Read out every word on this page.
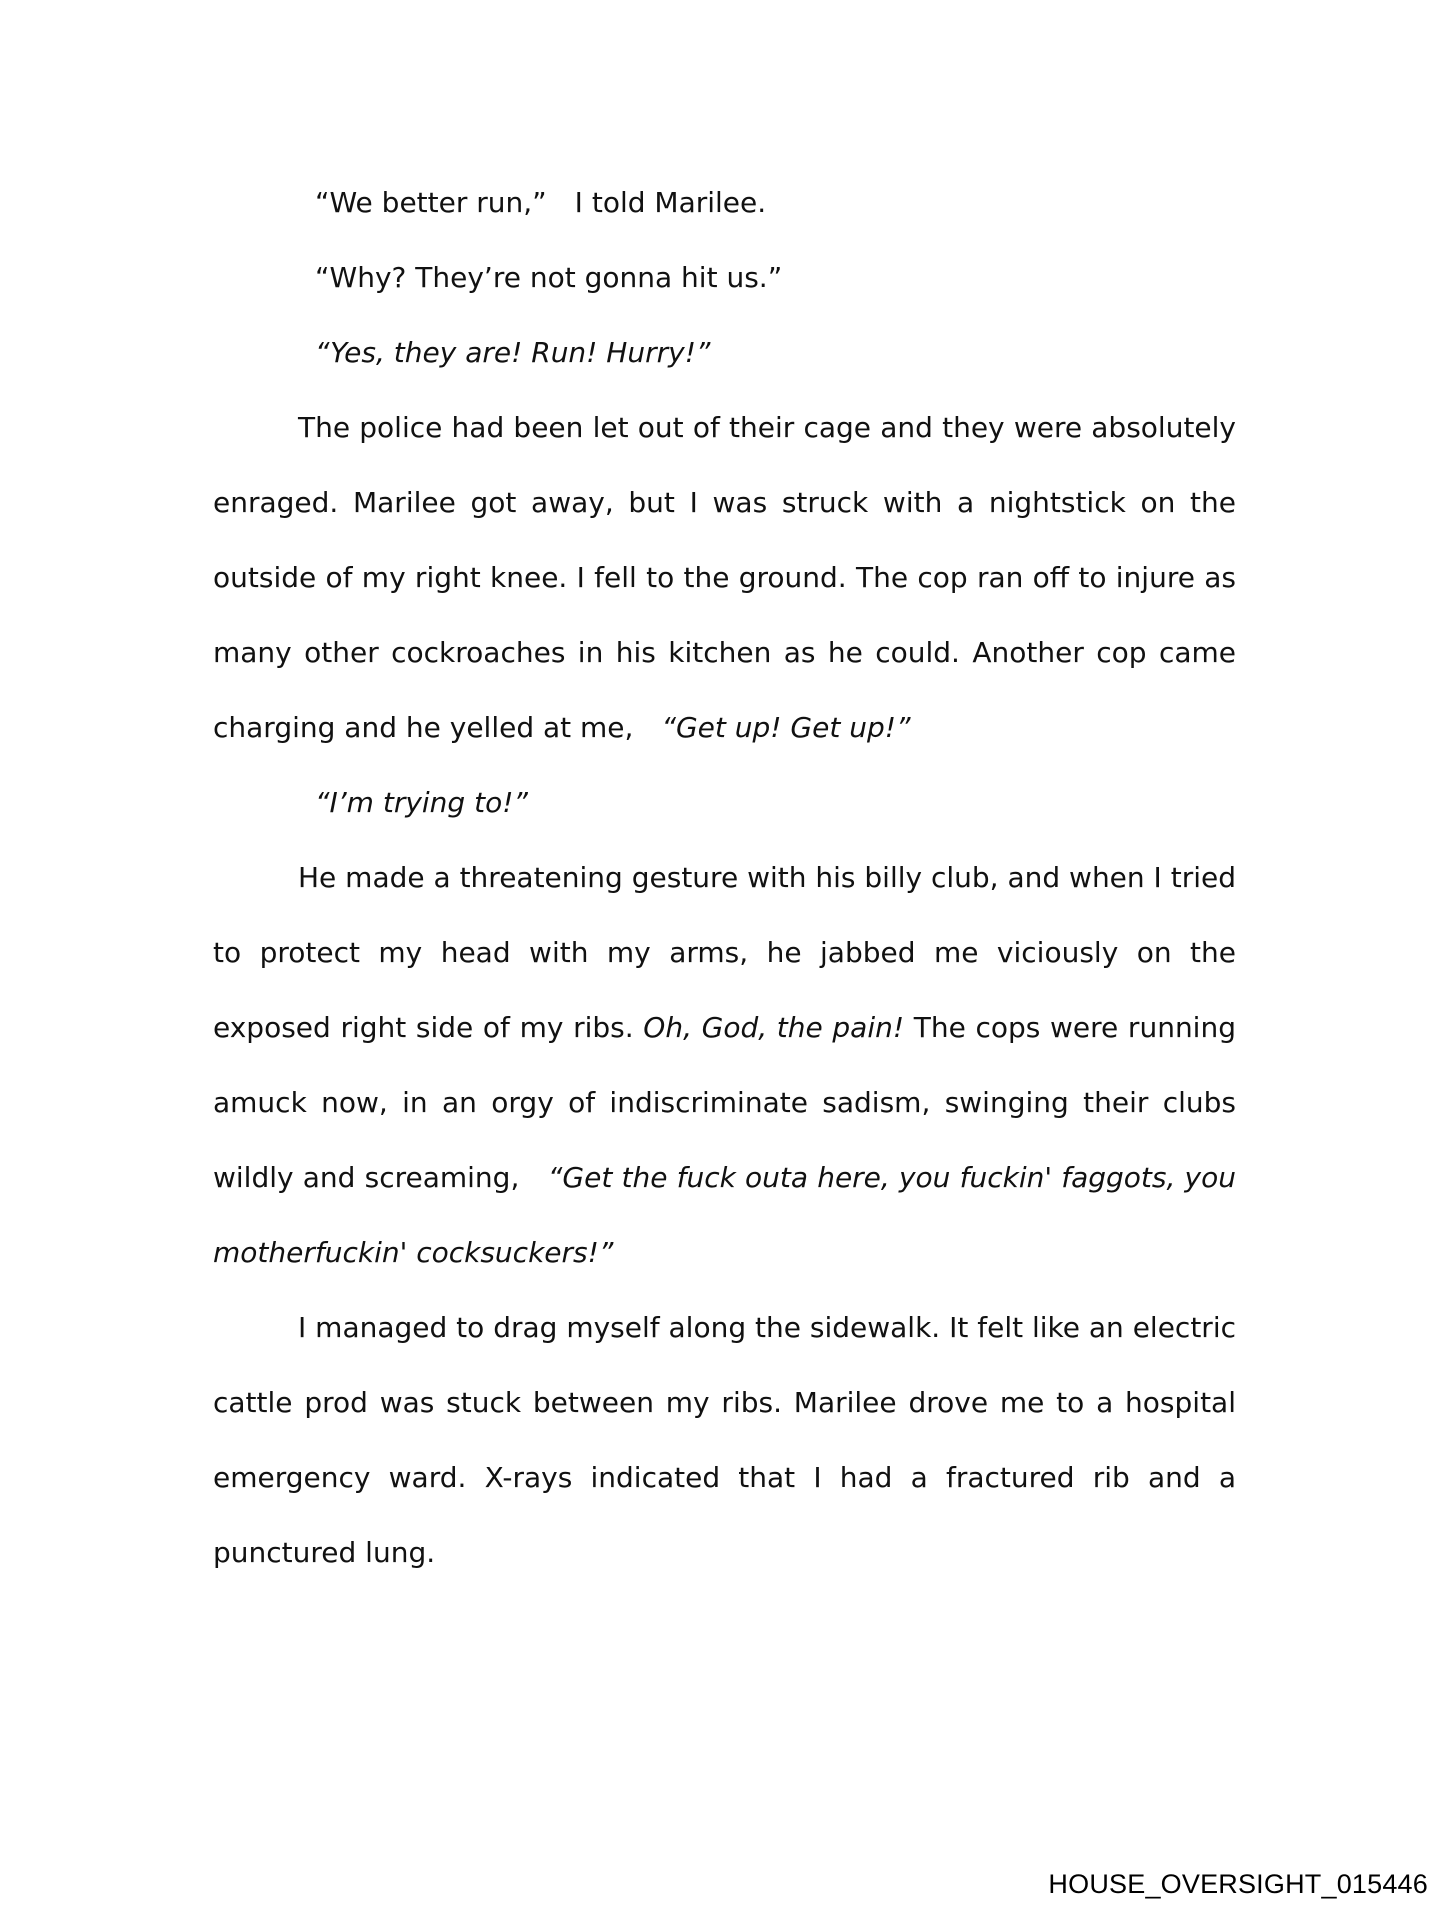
“We better run,”　I told Marilee.

“Why? They’re not gonna hit us.”

“Yes, they are! Run! Hurry!”

The police had been let out of their cage and they were absolutely enraged. Marilee got away, but I was struck with a nightstick on the outside of my right knee. I fell to the ground. The cop ran off to injure as many other cockroaches in his kitchen as he could. Another cop came charging and he yelled at me,　“Get up! Get up!”

“I’m trying to!”

He made a threatening gesture with his billy club, and when I tried to protect my head with my arms, he jabbed me viciously on the exposed right side of my ribs. Oh, God, the pain! The cops were running amuck now, in an orgy of indiscriminate sadism, swinging their clubs wildly and screaming,　“Get the fuck outa here, you fuckin' faggots, you motherfuckin' cocksuckers!”

I managed to drag myself along the sidewalk. It felt like an electric cattle prod was stuck between my ribs. Marilee drove me to a hospital emergency ward. X-rays indicated that I had a fractured rib and a punctured lung.

HOUSE_OVERSIGHT_015446
